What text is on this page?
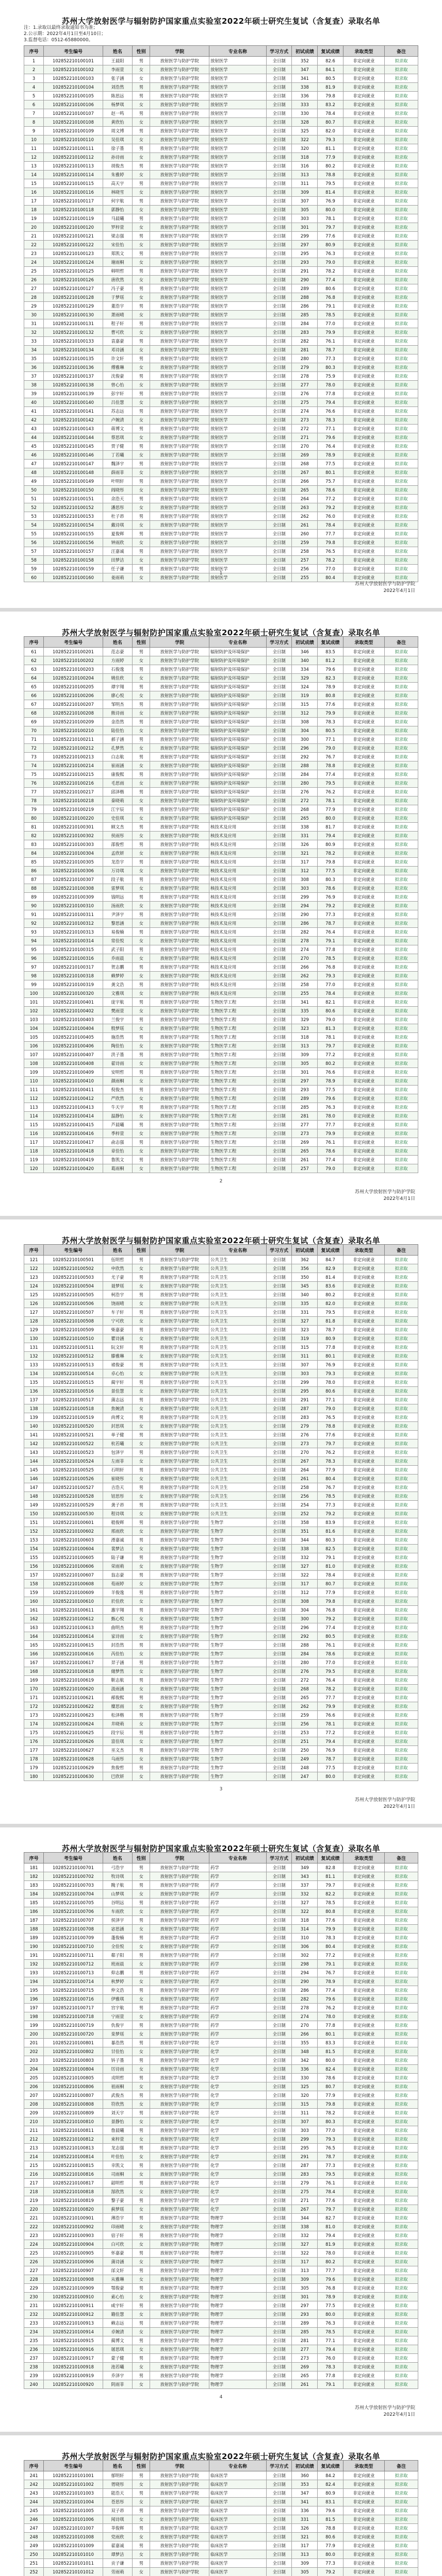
苏州大学放射医学与辐射防护国家重点实验室2022年硕士研究生复试（含复查）录取名单
注：1.录取以最终录取通知书为准；
2.公示期：2022年4月1日至4月10日；
3.监督电话：0512-65880000。
序号	考生编号	姓名	性别	学院	专业名称	学习方式	初试成绩	复试成绩	录取类型	备注
1	102852210100101	王晨阳	男	放射医学与防护学院	放射医学	全日制	352	82.6	非定向就业	拟录取
2	102852210100102	李雨萱	女	放射医学与防护学院	放射医学	全日制	347	84.1	非定向就业	拟录取
3	102852210100103	张子涵	女	放射医学与防护学院	放射医学	全日制	341	80.5	非定向就业	拟录取
4	102852210100104	刘浩然	男	放射医学与防护学院	放射医学	全日制	338	81.9	非定向就业	拟录取
5	102852210100105	陈思远	男	放射医学与防护学院	放射医学	全日制	336	79.8	非定向就业	拟录取
6	102852210100106	杨梦琪	女	放射医学与防护学院	放射医学	全日制	333	83.2	非定向就业	拟录取
7	102852210100107	赵一鸣	男	放射医学与防护学院	放射医学	全日制	330	78.4	非定向就业	拟录取
8	102852210100108	黄欣怡	女	放射医学与防护学院	放射医学	全日制	328	80.7	非定向就业	拟录取
9	102852210100109	周文博	男	放射医学与防护学院	放射医学	全日制	325	82.0	非定向就业	拟录取
10	102852210100110	吴佳琪	女	放射医学与防护学院	放射医学	全日制	322	79.3	非定向就业	拟录取
11	102852210100111	徐子墨	男	放射医学与防护学院	放射医学	全日制	320	81.1	非定向就业	拟录取
12	102852210100112	孙诗雨	女	放射医学与防护学院	放射医学	全日制	318	77.9	非定向就业	拟录取
13	102852210100113	胡俊杰	男	放射医学与防护学院	放射医学	全日制	316	80.2	非定向就业	拟录取
14	102852210100114	朱雅婷	女	放射医学与防护学院	放射医学	全日制	313	78.8	非定向就业	拟录取
15	102852210100115	高天宇	男	放射医学与防护学院	放射医学	全日制	311	79.5	非定向就业	拟录取
16	102852210100116	林晓雪	女	放射医学与防护学院	放射医学	全日制	309	81.4	非定向就业	拟录取
17	102852210100117	何宇航	男	放射医学与防护学院	放射医学	全日制	307	76.9	非定向就业	拟录取
18	102852210100118	郭静怡	女	放射医学与防护学院	放射医学	全日制	305	80.0	非定向就业	拟录取
19	102852210100119	马晨曦	男	放射医学与防护学院	放射医学	全日制	303	78.1	非定向就业	拟录取
20	102852210100120	罗梓萱	女	放射医学与防护学院	放射医学	全日制	301	79.7	非定向就业	拟录取
21	102852210100121	梁志强	男	放射医学与防护学院	放射医学	全日制	299	77.6	非定向就业	拟录取
22	102852210100122	宋佳怡	女	放射医学与防护学院	放射医学	全日制	297	80.9	非定向就业	拟录取
23	102852210100123	郑凯文	男	放射医学与防护学院	放射医学	全日制	295	76.3	非定向就业	拟录取
24	102852210100124	谢雨桐	女	放射医学与防护学院	放射医学	全日制	293	79.0	非定向就业	拟录取
25	102852210100125	韩明哲	男	放射医学与防护学院	放射医学	全日制	291	78.2	非定向就业	拟录取
26	102852210100126	唐欣然	女	放射医学与防护学院	放射医学	全日制	290	77.4	非定向就业	拟录取
27	102852210100127	冯子豪	男	放射医学与防护学院	放射医学	全日制	289	80.6	非定向就业	拟录取
28	102852210100128	于梦瑶	女	放射医学与防护学院	放射医学	全日制	288	76.8	非定向就业	拟录取
29	102852210100129	董浩宇	男	放射医学与防护学院	放射医学	全日制	286	79.1	非定向就业	拟录取
30	102852210100130	萧雨晴	女	放射医学与防护学院	放射医学	全日制	285	78.5	非定向就业	拟录取
31	102852210100131	程子轩	男	放射医学与防护学院	放射医学	全日制	284	77.0	非定向就业	拟录取
32	102852210100132	曹可欣	女	放射医学与防护学院	放射医学	全日制	283	79.9	非定向就业	拟录取
33	102852210100133	袁嘉豪	男	放射医学与防护学院	放射医学	全日制	282	76.1	非定向就业	拟录取
34	102852210100134	邓诗涵	女	放射医学与防护学院	放射医学	全日制	281	78.7	非定向就业	拟录取
35	102852210100135	许文轩	男	放射医学与防护学院	放射医学	全日制	280	77.3	非定向就业	拟录取
36	102852210100136	傅雅琳	女	放射医学与防护学院	放射医学	全日制	279	80.3	非定向就业	拟录取
37	102852210100137	沈俊豪	男	放射医学与防护学院	放射医学	全日制	278	75.9	非定向就业	拟录取
38	102852210100138	曾心怡	女	放射医学与防护学院	放射医学	全日制	277	78.0	非定向就业	拟录取
39	102852210100139	彭宇轩	男	放射医学与防护学院	放射医学	全日制	276	77.8	非定向就业	拟录取
40	102852210100140	吕佳慧	女	放射医学与防护学院	放射医学	全日制	275	79.4	非定向就业	拟录取
41	102852210100141	苏志远	男	放射医学与防护学院	放射医学	全日制	274	76.6	非定向就业	拟录取
42	102852210100142	卢婉清	女	放射医学与防护学院	放射医学	全日制	273	78.3	非定向就业	拟录取
43	102852210100143	蒋博文	男	放射医学与防护学院	放射医学	全日制	272	77.1	非定向就业	拟录取
44	102852210100144	蔡思琪	女	放射医学与防护学院	放射医学	全日制	271	79.6	非定向就业	拟录取
45	102852210100145	贾子健	男	放射医学与防护学院	放射医学	全日制	270	76.4	非定向就业	拟录取
46	102852210100146	丁若曦	女	放射医学与防护学院	放射医学	全日制	269	78.9	非定向就业	拟录取
47	102852210100147	魏泽宇	男	放射医学与防护学院	放射医学	全日制	268	77.5	非定向就业	拟录取
48	102852210100148	薛雨菲	女	放射医学与防护学院	放射医学	全日制	267	80.1	非定向就业	拟录取
49	102852210100149	叶明轩	男	放射医学与防护学院	放射医学	全日制	266	75.7	非定向就业	拟录取
50	102852210100150	阎晓彤	女	放射医学与防护学院	放射医学	全日制	265	78.6	非定向就业	拟录取
51	102852210100151	余浩天	男	放射医学与防护学院	放射医学	全日制	264	77.2	非定向就业	拟录取
52	102852210100152	潘思彤	女	放射医学与防护学院	放射医学	全日制	263	79.2	非定向就业	拟录取
53	102852210100153	杜子昂	男	放射医学与防护学院	放射医学	全日制	262	76.0	非定向就业	拟录取
54	102852210100154	戴诗琪	女	放射医学与防护学院	放射医学	全日制	261	78.4	非定向就业	拟录取
55	102852210100155	夏俊辉	男	放射医学与防护学院	放射医学	全日制	260	77.7	非定向就业	拟录取
56	102852210100156	钟雨欣	女	放射医学与防护学院	放射医学	全日制	259	79.8	非定向就业	拟录取
57	102852210100157	汪嘉诚	男	放射医学与防护学院	放射医学	全日制	258	76.5	非定向就业	拟录取
58	102852210100158	田梦洁	女	放射医学与防护学院	放射医学	全日制	257	78.2	非定向就业	拟录取
59	102852210100159	任子谦	男	放射医学与防护学院	放射医学	全日制	256	77.0	非定向就业	拟录取
60	102852210100160	姜雨萌	女	放射医学与防护学院	放射医学	全日制	255	80.4	非定向就业	拟录取
1
苏州大学放射医学与防护学院
2022年4月1日
苏州大学放射医学与辐射防护国家重点实验室2022年硕士研究生复试（含复查）录取名单
序号	考生编号	姓名	性别	学院	专业名称	学习方式	初试成绩	复试成绩	录取类型	备注
61	102852210100201	范志豪	男	放射医学与防护学院	辐射防护及环境保护	全日制	346	83.5	非定向就业	拟录取
62	102852210100202	方雨婷	女	放射医学与防护学院	辐射防护及环境保护	全日制	340	81.2	非定向就业	拟录取
63	102852210100203	石俊逸	男	放射医学与防护学院	辐射防护及环境保护	全日制	334	79.6	非定向就业	拟录取
64	102852210100204	姚佳欣	女	放射医学与防护学院	辐射防护及环境保护	全日制	329	82.3	非定向就业	拟录取
65	102852210100205	谭宇翔	男	放射医学与防护学院	辐射防护及环境保护	全日制	324	78.9	非定向就业	拟录取
66	102852210100206	廖心悦	女	放射医学与防护学院	辐射防护及环境保护	全日制	319	80.8	非定向就业	拟录取
67	102852210100207	邹明杰	男	放射医学与防护学院	辐射防护及环境保护	全日制	315	77.6	非定向就业	拟录取
68	102852210100208	熊诗雨	女	放射医学与防护学院	辐射防护及环境保护	全日制	312	79.9	非定向就业	拟录取
69	102852210100209	金浩然	男	放射医学与防护学院	辐射防护及环境保护	全日制	308	78.3	非定向就业	拟录取
70	102852210100210	陆佳怡	女	放射医学与防护学院	辐射防护及环境保护	全日制	304	80.5	非定向就业	拟录取
71	102852210100211	郝子涵	男	放射医学与防护学院	辐射防护及环境保护	全日制	300	77.1	非定向就业	拟录取
72	102852210100212	孔梦然	女	放射医学与防护学院	辐射防护及环境保护	全日制	296	79.0	非定向就业	拟录取
73	102852210100213	白志航	男	放射医学与防护学院	辐射防护及环境保护	全日制	292	76.7	非定向就业	拟录取
74	102852210100214	崔雨涵	女	放射医学与防护学院	辐射防护及环境保护	全日制	288	78.8	非定向就业	拟录取
75	102852210100215	康俊熙	男	放射医学与防护学院	辐射防护及环境保护	全日制	284	77.4	非定向就业	拟录取
76	102852210100216	毛思雨	女	放射医学与防护学院	辐射防护及环境保护	全日制	280	79.5	非定向就业	拟录取
77	102852210100217	邱泽楷	男	放射医学与防护学院	辐射防护及环境保护	全日制	276	76.2	非定向就业	拟录取
78	102852210100218	秦晓萌	女	放射医学与防护学院	辐射防护及环境保护	全日制	272	78.1	非定向就业	拟录取
79	102852210100219	江宇辰	男	放射医学与防护学院	辐射防护及环境保护	全日制	268	77.9	非定向就业	拟录取
80	102852210100220	史佳琪	女	放射医学与防护学院	辐射防护及环境保护	全日制	265	80.0	非定向就业	拟录取
81	102852210100301	顾文杰	男	放射医学与防护学院	核技术及应用	全日制	338	81.7	非定向就业	拟录取
82	102852210100302	侯雨彤	女	放射医学与防护学院	核技术及应用	全日制	331	79.4	非定向就业	拟录取
83	102852210100303	邵俊哲	男	放射医学与防护学院	核技术及应用	全日制	326	80.9	非定向就业	拟录取
84	102852210100304	孟欣妍	女	放射医学与防护学院	核技术及应用	全日制	321	78.2	非定向就业	拟录取
85	102852210100305	龙浩宇	男	放射医学与防护学院	核技术及应用	全日制	317	79.8	非定向就业	拟录取
86	102852210100306	万诗琪	女	放射医学与防护学院	核技术及应用	全日制	312	77.5	非定向就业	拟录取
87	102852210100307	段子航	男	放射医学与防护学院	核技术及应用	全日制	308	80.3	非定向就业	拟录取
88	102852210100308	雷梦琪	女	放射医学与防护学院	核技术及应用	全日制	303	78.6	非定向就业	拟录取
89	102852210100309	钱明远	男	放射医学与防护学院	核技术及应用	全日制	299	76.9	非定向就业	拟录取
90	102852210100310	汤雨欣	女	放射医学与防护学院	核技术及应用	全日制	294	79.2	非定向就业	拟录取
91	102852210100311	尹泽宇	男	放射医学与防护学院	核技术及应用	全日制	290	77.3	非定向就业	拟录取
92	102852210100312	黎思涵	女	放射医学与防护学院	核技术及应用	全日制	286	78.7	非定向就业	拟录取
93	102852210100313	易俊楠	男	放射医学与防护学院	核技术及应用	全日制	282	76.4	非定向就业	拟录取
94	102852210100314	常佳悦	女	放射医学与防护学院	核技术及应用	全日制	278	79.1	非定向就业	拟录取
95	102852210100315	武子阳	男	放射医学与防护学院	核技术及应用	全日制	274	77.8	非定向就业	拟录取
96	102852210100316	乔雨晨	女	放射医学与防护学院	核技术及应用	全日制	270	78.5	非定向就业	拟录取
97	102852210100317	贺志鹏	男	放射医学与防护学院	核技术及应用	全日制	266	76.8	非定向就业	拟录取
98	102852210100318	赖梦婷	女	放射医学与防护学院	核技术及应用	全日制	262	79.3	非定向就业	拟录取
99	102852210100319	龚文浩	男	放射医学与防护学院	核技术及应用	全日制	258	77.0	非定向就业	拟录取
100	102852210100320	文雅琪	女	放射医学与防护学院	核技术及应用	全日制	255	78.4	非定向就业	拟录取
101	102852210100401	庞宇航	男	放射医学与防护学院	生物医学工程	全日制	341	82.1	非定向就业	拟录取
102	102852210100402	樊雨萱	女	放射医学与防护学院	生物医学工程	全日制	335	80.6	非定向就业	拟录取
103	102852210100403	兰俊宇	男	放射医学与防护学院	生物医学工程	全日制	329	79.0	非定向就业	拟录取
104	102852210100404	殷梦瑶	女	放射医学与防护学院	生物医学工程	全日制	323	81.3	非定向就业	拟录取
105	102852210100405	施浩然	男	放射医学与防护学院	生物医学工程	全日制	318	78.1	非定向就业	拟录取
106	102852210100406	陶佳怡	女	放射医学与防护学院	生物医学工程	全日制	313	79.7	非定向就业	拟录取
107	102852210100407	洪子墨	男	放射医学与防护学院	生物医学工程	全日制	309	77.2	非定向就业	拟录取
108	102852210100408	翟诗雨	女	放射医学与防护学院	生物医学工程	全日制	305	80.2	非定向就业	拟录取
109	102852210100409	安明哲	男	放射医学与防护学院	生物医学工程	全日制	301	76.6	非定向就业	拟录取
110	102852210100410	颜雨桐	女	放射医学与防护学院	生物医学工程	全日制	297	78.9	非定向就业	拟录取
111	102852210100411	倪俊杰	男	放射医学与防护学院	生物医学工程	全日制	293	77.5	非定向就业	拟录取
112	102852210100412	严欣然	女	放射医学与防护学院	生物医学工程	全日制	289	79.6	非定向就业	拟录取
113	102852210100413	牛天宇	男	放射医学与防护学院	生物医学工程	全日制	285	76.3	非定向就业	拟录取
114	102852210100414	温静怡	女	放射医学与防护学院	生物医学工程	全日制	281	78.0	非定向就业	拟录取
115	102852210100415	芦晨曦	男	放射医学与防护学院	生物医学工程	全日制	277	77.7	非定向就业	拟录取
116	102852210100416	季梓萱	女	放射医学与防护学院	生物医学工程	全日制	273	79.9	非定向就业	拟录取
117	102852210100417	俞志强	男	放射医学与防护学院	生物医学工程	全日制	269	76.1	非定向就业	拟录取
118	102852210100418	章佳怡	女	放射医学与防护学院	生物医学工程	全日制	265	78.6	非定向就业	拟录取
119	102852210100419	鲁凯文	男	放射医学与防护学院	生物医学工程	全日制	261	77.4	非定向就业	拟录取
120	102852210100420	葛雨桐	女	放射医学与防护学院	生物医学工程	全日制	257	79.0	非定向就业	拟录取
2
苏州大学放射医学与防护学院
2022年4月1日
苏州大学放射医学与辐射防护国家重点实验室2022年硕士研究生复试（含复查）录取名单
序号	考生编号	姓名	性别	学院	专业名称	学习方式	初试成绩	复试成绩	录取类型	备注
121	102852210100501	伍明哲	男	放射医学与防护学院	公共卫生	全日制	362	84.7	非定向就业	拟录取
122	102852210100502	申欣然	女	放射医学与防护学院	公共卫生	全日制	356	82.9	非定向就业	拟录取
123	102852210100503	尤子豪	男	放射医学与防护学院	公共卫生	全日制	350	81.4	非定向就业	拟录取
124	102852210100504	聂梦瑶	女	放射医学与防护学院	公共卫生	全日制	345	83.6	非定向就业	拟录取
125	102852210100505	柯浩宇	男	放射医学与防护学院	公共卫生	全日制	340	80.2	非定向就业	拟录取
126	102852210100506	饶雨晴	女	放射医学与防护学院	公共卫生	全日制	335	82.0	非定向就业	拟录取
127	102852210100507	车子轩	男	放射医学与防护学院	公共卫生	全日制	331	79.5	非定向就业	拟录取
128	102852210100508	宁可欣	女	放射医学与防护学院	公共卫生	全日制	327	81.8	非定向就业	拟录取
129	102852210100509	柴嘉豪	男	放射医学与防护学院	公共卫生	全日制	323	78.7	非定向就业	拟录取
130	102852210100510	瞿诗涵	女	放射医学与防护学院	公共卫生	全日制	319	80.9	非定向就业	拟录取
131	102852210100511	阮文轩	男	放射医学与防护学院	公共卫生	全日制	315	77.8	非定向就业	拟录取
132	102852210100512	滕雅琳	女	放射医学与防护学院	公共卫生	全日制	311	80.1	非定向就业	拟录取
133	102852210100513	褚俊豪	男	放射医学与防护学院	公共卫生	全日制	307	76.9	非定向就业	拟录取
134	102852210100514	卓心怡	女	放射医学与防护学院	公共卫生	全日制	303	79.3	非定向就业	拟录取
135	102852210100515	蔺宇轩	男	放射医学与防护学院	公共卫生	全日制	299	78.0	非定向就业	拟录取
136	102852210100516	景佳慧	女	放射医学与防护学院	公共卫生	全日制	295	80.6	非定向就业	拟录取
137	102852210100517	蒲志远	男	放射医学与防护学院	公共卫生	全日制	291	77.1	非定向就业	拟录取
138	102852210100518	焦婉清	女	放射医学与防护学院	公共卫生	全日制	287	79.0	非定向就业	拟录取
139	102852210100519	尚博文	男	放射医学与防护学院	公共卫生	全日制	283	76.5	非定向就业	拟录取
140	102852210100520	封思琪	女	放射医学与防护学院	公共卫生	全日制	279	78.8	非定向就业	拟录取
141	102852210100521	单子健	男	放射医学与防护学院	公共卫生	全日制	276	77.6	非定向就业	拟录取
142	102852210100522	杭若曦	女	放射医学与防护学院	公共卫生	全日制	273	79.7	非定向就业	拟录取
143	102852210100523	包泽宇	男	放射医学与防护学院	公共卫生	全日制	270	76.2	非定向就业	拟录取
144	102852210100524	左雨菲	女	放射医学与防护学院	公共卫生	全日制	267	78.3	非定向就业	拟录取
145	102852210100525	石明轩	男	放射医学与防护学院	公共卫生	全日制	264	77.9	非定向就业	拟录取
146	102852210100526	崔晓彤	女	放射医学与防护学院	公共卫生	全日制	261	80.4	非定向就业	拟录取
147	102852210100527	吉浩天	男	放射医学与防护学院	公共卫生	全日制	258	76.7	非定向就业	拟录取
148	102852210100528	钮思彤	女	放射医学与防护学院	公共卫生	全日制	256	78.5	非定向就业	拟录取
149	102852210100529	龚子昂	男	放射医学与防护学院	公共卫生	全日制	254	77.3	非定向就业	拟录取
150	102852210100530	程诗琪	女	放射医学与防护学院	公共卫生	全日制	252	79.2	非定向就业	拟录取
151	102852210100601	嵇俊辉	男	放射医学与防护学院	生物学	全日制	358	83.9	非定向就业	拟录取
152	102852210100602	邢雨欣	女	放射医学与防护学院	生物学	全日制	351	81.6	非定向就业	拟录取
153	102852210100603	滑嘉诚	男	放射医学与防护学院	生物学	全日制	344	80.3	非定向就业	拟录取
154	102852210100604	裴梦洁	女	放射医学与防护学院	生物学	全日制	338	82.5	非定向就业	拟录取
155	102852210100605	陆子谦	男	放射医学与防护学院	生物学	全日制	332	79.1	非定向就业	拟录取
156	102852210100606	荣雨萌	女	放射医学与防护学院	生物学	全日制	327	81.0	非定向就业	拟录取
157	102852210100607	翁志豪	男	放射医学与防护学院	生物学	全日制	322	78.4	非定向就业	拟录取
158	102852210100608	荀雨婷	女	放射医学与防护学院	生物学	全日制	317	80.7	非定向就业	拟录取
159	102852210100609	羊俊逸	男	放射医学与防护学院	生物学	全日制	312	77.9	非定向就业	拟录取
160	102852210100610	於佳欣	女	放射医学与防护学院	生物学	全日制	308	79.8	非定向就业	拟录取
161	102852210100611	惠宇翔	男	放射医学与防护学院	生物学	全日制	304	76.8	非定向就业	拟录取
162	102852210100612	甄心悦	女	放射医学与防护学院	生物学	全日制	300	79.2	非定向就业	拟录取
163	102852210100613	曲明杰	男	放射医学与防护学院	生物学	全日制	296	77.4	非定向就业	拟录取
164	102852210100614	家诗雨	女	放射医学与防护学院	生物学	全日制	292	80.5	非定向就业	拟录取
165	102852210100615	封浩然	男	放射医学与防护学院	生物学	全日制	288	76.1	非定向就业	拟录取
166	102852210100616	芮佳怡	女	放射医学与防护学院	生物学	全日制	284	78.6	非定向就业	拟录取
167	102852210100617	羿子涵	男	放射医学与防护学院	生物学	全日制	280	77.0	非定向就业	拟录取
168	102852210100618	储梦然	女	放射医学与防护学院	生物学	全日制	276	79.5	非定向就业	拟录取
169	102852210100619	靳志航	男	放射医学与防护学院	生物学	全日制	272	76.4	非定向就业	拟录取
170	102852210100620	汲雨涵	女	放射医学与防护学院	生物学	全日制	268	78.2	非定向就业	拟录取
171	102852210100621	邴俊熙	男	放射医学与防护学院	生物学	全日制	265	77.7	非定向就业	拟录取
172	102852210100622	糜思雨	女	放射医学与防护学院	生物学	全日制	262	79.9	非定向就业	拟录取
173	102852210100623	松泽楷	男	放射医学与防护学院	生物学	全日制	259	76.6	非定向就业	拟录取
174	102852210100624	井晓萌	女	放射医学与防护学院	生物学	全日制	256	78.1	非定向就业	拟录取
175	102852210100625	段宇辰	男	放射医学与防护学院	生物学	全日制	253	77.2	非定向就业	拟录取
176	102852210100626	富佳琪	女	放射医学与防护学院	生物学	全日制	251	79.4	非定向就业	拟录取
177	102852210100627	巫文杰	男	放射医学与防护学院	生物学	全日制	250	76.9	非定向就业	拟录取
178	102852210100628	乌雨彤	女	放射医学与防护学院	生物学	全日制	249	78.7	非定向就业	拟录取
179	102852210100629	焦俊哲	男	放射医学与防护学院	生物学	全日制	248	77.5	非定向就业	拟录取
180	102852210100630	巴欣妍	女	放射医学与防护学院	生物学	全日制	247	80.0	非定向就业	拟录取
3
苏州大学放射医学与防护学院
2022年4月1日
苏州大学放射医学与辐射防护国家重点实验室2022年硕士研究生复试（含复查）录取名单
序号	考生编号	姓名	性别	学院	专业名称	学习方式	初试成绩	复试成绩	录取类型	备注
181	102852210100701	弓浩宇	男	放射医学与防护学院	药学	全日制	349	82.8	非定向就业	拟录取
182	102852210100702	牧诗琪	女	放射医学与防护学院	药学	全日制	343	81.1	非定向就业	拟录取
183	102852210100703	隗子航	男	放射医学与防护学院	药学	全日制	337	79.7	非定向就业	拟录取
184	102852210100704	山梦琪	女	放射医学与防护学院	药学	全日制	332	82.2	非定向就业	拟录取
185	102852210100705	谷明远	男	放射医学与防护学院	药学	全日制	327	78.5	非定向就业	拟录取
186	102852210100706	车雨欣	女	放射医学与防护学院	药学	全日制	322	80.8	非定向就业	拟录取
187	102852210100707	侯泽宇	男	放射医学与防护学院	药学	全日制	318	77.6	非定向就业	拟录取
188	102852210100708	宓思涵	女	放射医学与防护学院	药学	全日制	314	79.9	非定向就业	拟录取
189	102852210100709	蓬俊楠	男	放射医学与防护学院	药学	全日制	310	78.3	非定向就业	拟录取
190	102852210100710	全佳悦	女	放射医学与防护学院	药学	全日制	306	80.4	非定向就业	拟录取
191	102852210100711	郗子阳	男	放射医学与防护学院	药学	全日制	302	77.2	非定向就业	拟录取
192	102852210100712	班雨晨	女	放射医学与防护学院	药学	全日制	298	79.1	非定向就业	拟录取
193	102852210100713	仰志鹏	男	放射医学与防护学院	药学	全日制	294	76.7	非定向就业	拟录取
194	102852210100714	秋梦婷	女	放射医学与防护学院	药学	全日制	290	78.9	非定向就业	拟录取
195	102852210100715	仲文浩	男	放射医学与防护学院	药学	全日制	286	77.4	非定向就业	拟录取
196	102852210100716	伊雅琪	女	放射医学与防护学院	药学	全日制	282	79.6	非定向就业	拟录取
197	102852210100717	宫宇航	男	放射医学与防护学院	药学	全日制	278	76.2	非定向就业	拟录取
198	102852210100718	宁雨萱	女	放射医学与防护学院	药学	全日制	274	78.0	非定向就业	拟录取
199	102852210100719	仇俊宇	男	放射医学与防护学院	药学	全日制	270	77.8	非定向就业	拟录取
200	102852210100720	栾梦瑶	女	放射医学与防护学院	药学	全日制	266	80.1	非定向就业	拟录取
201	102852210100801	暴浩然	男	放射医学与防护学院	化学	全日制	355	83.3	非定向就业	拟录取
202	102852210100802	甘佳怡	女	放射医学与防护学院	化学	全日制	348	81.5	非定向就业	拟录取
203	102852210100803	钭子墨	男	放射医学与防护学院	化学	全日制	342	80.0	非定向就业	拟录取
204	102852210100804	厉诗雨	女	放射医学与防护学院	化学	全日制	336	82.4	非定向就业	拟录取
205	102852210100805	戎明哲	男	放射医学与防护学院	化学	全日制	330	78.6	非定向就业	拟录取
206	102852210100806	祖雨桐	女	放射医学与防护学院	化学	全日制	325	80.7	非定向就业	拟录取
207	102852210100807	武俊杰	男	放射医学与防护学院	化学	全日制	320	77.9	非定向就业	拟录取
208	102852210100808	符欣然	女	放射医学与防护学院	化学	全日制	315	79.8	非定向就业	拟录取
209	102852210100809	刘天宇	男	放射医学与防护学院	化学	全日制	311	78.2	非定向就业	拟录取
210	102852210100810	景静怡	女	放射医学与防护学院	化学	全日制	307	80.3	非定向就业	拟录取
211	102852210100811	詹晨曦	男	放射医学与防护学院	化学	全日制	303	77.0	非定向就业	拟录取
212	102852210100812	束梓萱	女	放射医学与防护学院	化学	全日制	299	79.3	非定向就业	拟录取
213	102852210100813	龙志强	男	放射医学与防护学院	化学	全日制	295	76.5	非定向就业	拟录取
214	102852210100814	叶佳怡	女	放射医学与防护学院	化学	全日制	291	78.7	非定向就业	拟录取
215	102852210100815	幸凯文	男	放射医学与防护学院	化学	全日制	287	77.3	非定向就业	拟录取
216	102852210100816	司雨桐	女	放射医学与防护学院	化学	全日制	283	79.5	非定向就业	拟录取
217	102852210100817	韶明哲	男	放射医学与防护学院	化学	全日制	279	76.1	非定向就业	拟录取
218	102852210100818	郜欣然	女	放射医学与防护学院	化学	全日制	275	78.4	非定向就业	拟录取
219	102852210100819	黎子豪	男	放射医学与防护学院	化学	全日制	271	77.6	非定向就业	拟录取
220	102852210100820	蓟梦瑶	女	放射医学与防护学院	化学	全日制	267	79.7	非定向就业	拟录取
221	102852210100901	薄浩宇	男	放射医学与防护学院	物理学	全日制	344	82.7	非定向就业	拟录取
222	102852210100902	印雨晴	女	放射医学与防护学院	物理学	全日制	338	81.0	非定向就业	拟录取
223	102852210100903	宿子轩	男	放射医学与防护学院	物理学	全日制	332	79.4	非定向就业	拟录取
224	102852210100904	白可欣	女	放射医学与防护学院	物理学	全日制	327	81.9	非定向就业	拟录取
225	102852210100905	怀嘉豪	男	放射医学与防护学院	物理学	全日制	322	78.0	非定向就业	拟录取
226	102852210100906	蒲诗涵	女	放射医学与防护学院	物理学	全日制	317	80.2	非定向就业	拟录取
227	102852210100907	邰文轩	男	放射医学与防护学院	物理学	全日制	313	77.7	非定向就业	拟录取
228	102852210100908	从雅琳	女	放射医学与防护学院	物理学	全日制	309	79.6	非定向就业	拟录取
229	102852210100909	鄂俊豪	男	放射医学与防护学院	物理学	全日制	305	76.8	非定向就业	拟录取
230	102852210100910	索心怡	女	放射医学与防护学院	物理学	全日制	301	78.9	非定向就业	拟录取
231	102852210100911	咸宇轩	男	放射医学与防护学院	物理学	全日制	297	77.5	非定向就业	拟录取
232	102852210100912	籍佳慧	女	放射医学与防护学院	物理学	全日制	293	80.0	非定向就业	拟录取
233	102852210100913	赖志远	男	放射医学与防护学院	物理学	全日制	289	76.3	非定向就业	拟录取
234	102852210100914	卓婉清	女	放射医学与防护学院	物理学	全日制	285	78.5	非定向就业	拟录取
235	102852210100915	蔺博文	男	放射医学与防护学院	物理学	全日制	281	77.1	非定向就业	拟录取
236	102852210100916	屠思琪	女	放射医学与防护学院	物理学	全日制	277	79.4	非定向就业	拟录取
237	102852210100917	蒙子健	男	放射医学与防护学院	物理学	全日制	273	76.0	非定向就业	拟录取
238	102852210100918	池若曦	女	放射医学与防护学院	物理学	全日制	269	78.3	非定向就业	拟录取
239	102852210100919	乔泽宇	男	放射医学与防护学院	物理学	全日制	265	77.8	非定向就业	拟录取
240	102852210100920	阴雨菲	女	放射医学与防护学院	物理学	全日制	261	79.1	非定向就业	拟录取
4
苏州大学放射医学与防护学院
2022年4月1日
苏州大学放射医学与辐射防护国家重点实验室2022年硕士研究生复试（含复查）录取名单
序号	考生编号	姓名	性别	学院	专业名称	学习方式	初试成绩	复试成绩	录取类型	备注
241	102852210101001	郁明轩	男	放射医学与防护学院	临床医学	全日制	360	84.2	非定向就业	拟录取
242	102852210101002	胥晓彤	女	放射医学与防护学院	临床医学	全日制	353	82.4	非定向就业	拟录取
243	102852210101003	能浩天	男	放射医学与防护学院	临床医学	全日制	347	80.9	非定向就业	拟录取
244	102852210101004	苍思彤	女	放射医学与防护学院	临床医学	全日制	341	83.1	非定向就业	拟录取
245	102852210101005	双子昂	男	放射医学与防护学院	临床医学	全日制	336	79.6	非定向就业	拟录取
246	102852210101006	闻诗琪	女	放射医学与防护学院	临床医学	全日制	331	81.5	非定向就业	拟录取
247	102852210101007	莘俊辉	男	放射医学与防护学院	临床医学	全日制	326	78.8	非定向就业	拟录取
248	102852210101008	党雨欣	女	放射医学与防护学院	临床医学	全日制	321	80.6	非定向就业	拟录取
249	102852210101009	翟嘉诚	男	放射医学与防护学院	临床医学	全日制	317	77.9	非定向就业	拟录取
250	102852210101010	谭梦洁	女	放射医学与防护学院	临床医学	全日制	313	80.0	非定向就业	拟录取
251	102852210101011	贡子谦	男	放射医学与防护学院	临床医学	全日制	309	77.3	非定向就业	拟录取
252	102852210101012	劳雨萌	女	放射医学与防护学院	临床医学	全日制	305	79.2	非定向就业	拟录取
